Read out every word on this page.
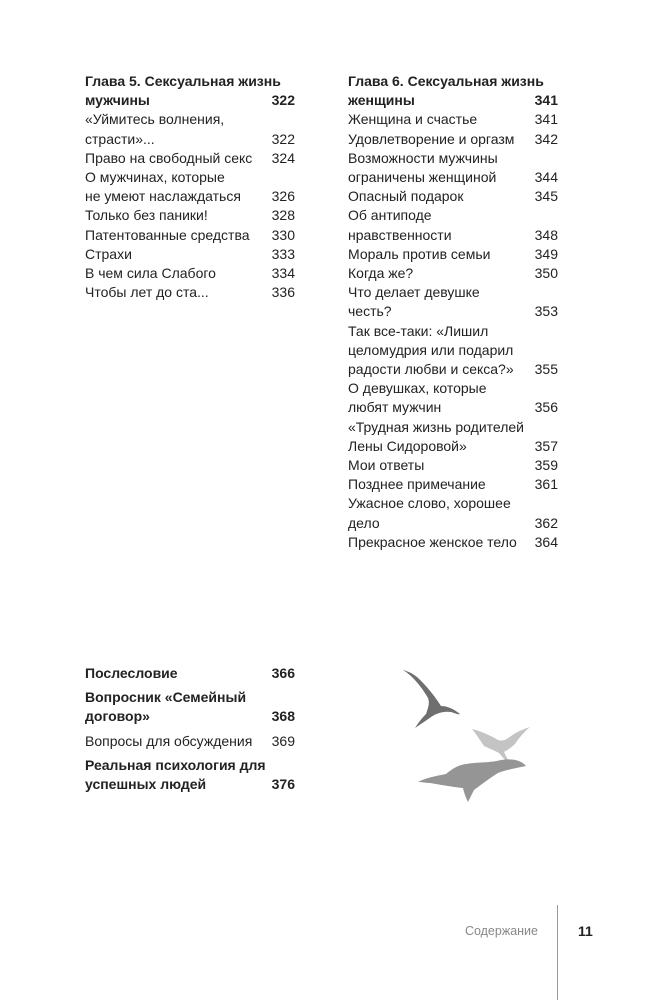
Глава 5. Сексуальная жизнь
мужчины	322
«Уймитесь волнения,
страсти»...	322
Право на свободный секс	324
О мужчинах, которые
не умеют наслаждаться	326
Только без паники!	328
Патентованные средства	330
Страхи	333
В чем сила Слабого	334
Чтобы лет до ста...	336
Глава 6. Сексуальная жизнь
женщины	341
Женщина и счастье	341
Удовлетворение и оргазм	342
Возможности мужчины
ограничены женщиной	344
Опасный подарок	345
Об антиподе
нравственности	348
Мораль против семьи	349
Когда же?	350
Что делает девушке честь?	353
Так все-таки: «Лишил
целомудрия или подарил
радости любви и секса?»	355
О девушках, которые
любят мужчин	356
«Трудная жизнь родителей
Лены Сидоровой»	357
Мои ответы	359
Позднее примечание	361
Ужасное слово, хорошее
дело	362
Прекрасное женское тело	364
Послесловие	366
Вопросник «Семейный
договор»	368
Вопросы для обсуждения	369
Реальная психология для
успешных людей	376
Содержание	11
